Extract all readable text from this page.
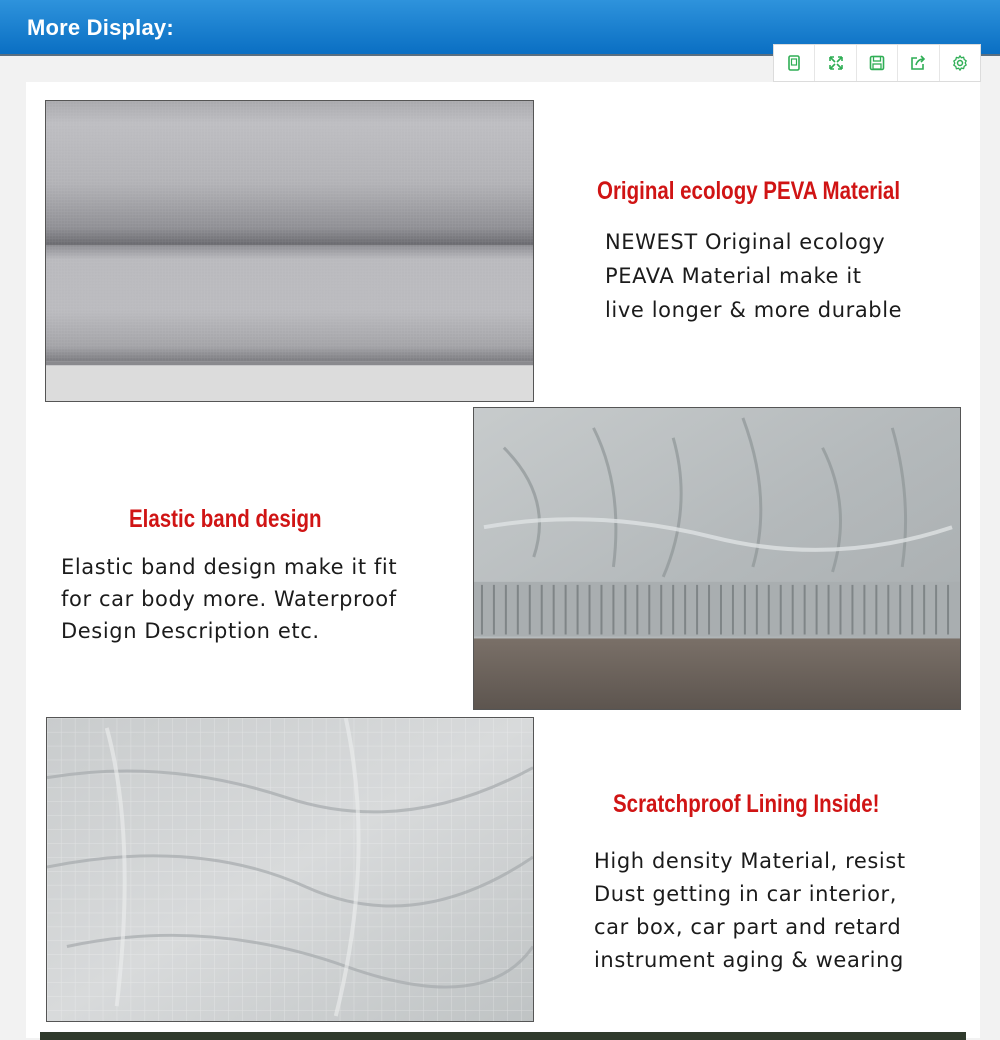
More Display:
Original ecology PEVA Material
NEWEST Original ecology
PEAVA Material make it
live longer & more durable
Elastic band design
Elastic band design make it fit
for car body more. Waterproof
Design Description etc.
Scratchproof Lining Inside!
High density Material, resist
Dust getting in car interior,
car box, car part and retard
instrument aging & wearing
